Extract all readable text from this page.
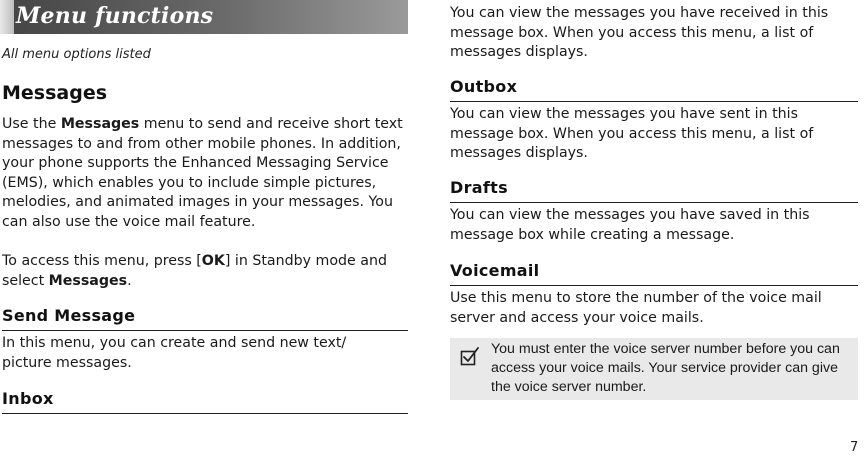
Menu functions
All menu options listed
Messages
Use the Messages menu to send and receive short text messages to and from other mobile phones. In addition, your phone supports the Enhanced Messaging Service (EMS), which enables you to include simple pictures, melodies, and animated images in your messages. You can also use the voice mail feature.
To access this menu, press [OK] in Standby mode and select Messages.
Send Message
In this menu, you can create and send new text/ picture messages.
Inbox
You can view the messages you have received in this message box. When you access this menu, a list of messages displays.
Outbox
You can view the messages you have sent in this message box. When you access this menu, a list of messages displays.
Drafts
You can view the messages you have saved in this message box while creating a message.
Voicemail
Use this menu to store the number of the voice mail server and access your voice mails.
You must enter the voice server number before you can access your voice mails. Your service provider can give the voice server number.
7
